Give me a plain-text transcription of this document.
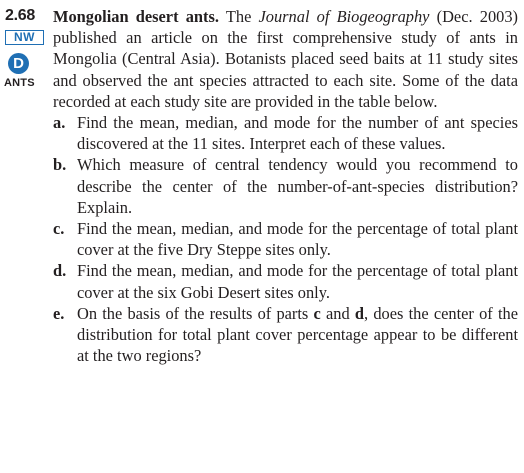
2.68
NW
D
ANTS

Mongolian desert ants. The Journal of Biogeography (Dec. 2003) published an article on the first comprehensive study of ants in Mongolia (Central Asia). Botanists placed seed baits at 11 study sites and observed the ant species attracted to each site. Some of the data recorded at each study site are provided in the table below.

a. Find the mean, median, and mode for the number of ant species discovered at the 11 sites. Interpret each of these values.
b. Which measure of central tendency would you recommend to describe the center of the number-of-ant-species distribution? Explain.
c. Find the mean, median, and mode for the percentage of total plant cover at the five Dry Steppe sites only.
d. Find the mean, median, and mode for the percentage of total plant cover at the six Gobi Desert sites only.
e. On the basis of the results of parts c and d, does the center of the distribution for total plant cover percentage appear to be different at the two regions?
